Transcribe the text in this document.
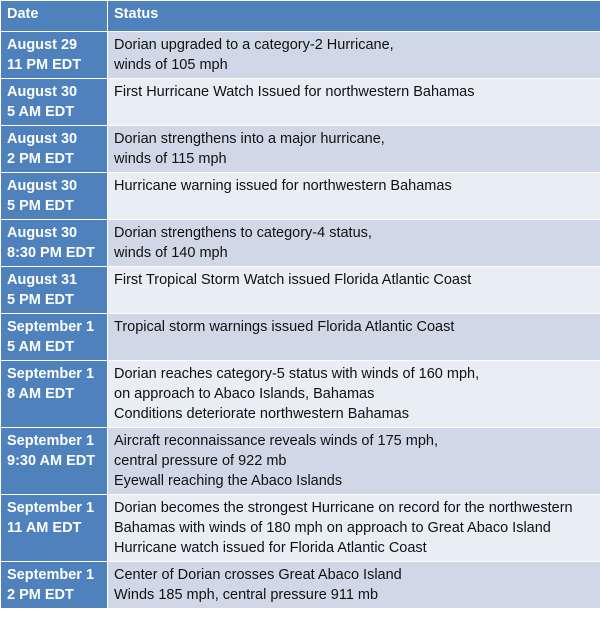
Date	Status

August 29
11 PM EDT	Dorian upgraded to a category-2 Hurricane,
winds of 105 mph

August 30
5 AM EDT	First Hurricane Watch Issued for northwestern Bahamas

August 30
2 PM EDT	Dorian strengthens into a major hurricane,
winds of 115 mph

August 30
5 PM EDT	Hurricane warning issued for northwestern Bahamas

August 30
8:30 PM EDT	Dorian strengthens to category-4 status,
winds of 140 mph

August 31
5 PM EDT	First Tropical Storm Watch issued Florida Atlantic Coast

September 1
5 AM EDT	Tropical storm warnings issued Florida Atlantic Coast

September 1
8 AM EDT	Dorian reaches category-5 status with winds of 160 mph,
on approach to Abaco Islands, Bahamas
Conditions deteriorate northwestern Bahamas

September 1
9:30 AM EDT	Aircraft reconnaissance reveals winds of 175 mph,
central pressure of 922 mb
Eyewall reaching the Abaco Islands

September 1
11 AM EDT	Dorian becomes the strongest Hurricane on record for the northwestern
Bahamas with winds of 180 mph on approach to Great Abaco Island
Hurricane watch issued for Florida Atlantic Coast

September 1
2 PM EDT	Center of Dorian crosses Great Abaco Island
Winds 185 mph, central pressure 911 mb
